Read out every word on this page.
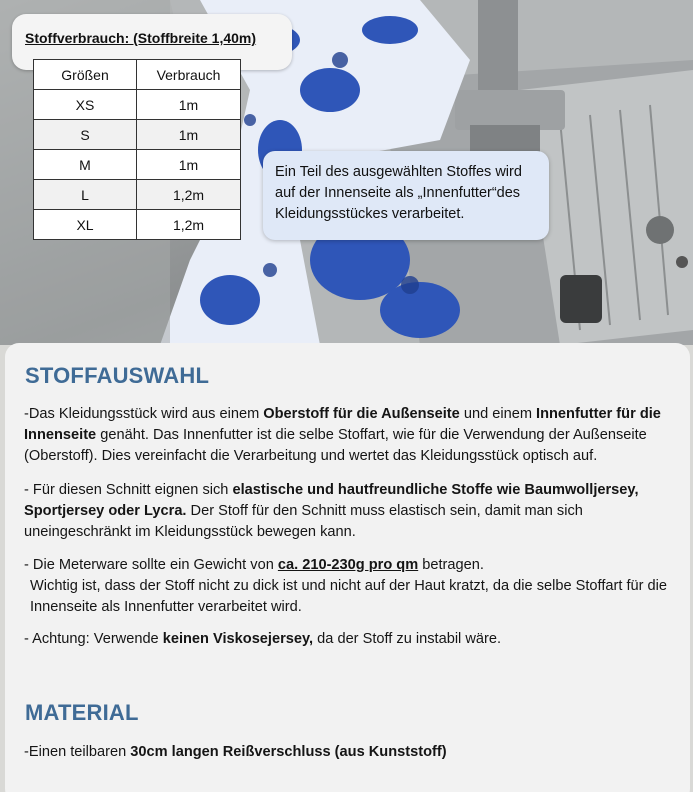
Stoffverbrauch: (Stoffbreite 1,40m)
Größen	Verbrauch
XS	1m
S	1m
M	1m
L	1,2m
XL	1,2m
Ein Teil des ausgewählten Stoffes wird auf der Innenseite als „Innenfutter“des Kleidungsstückes verarbeitet.
STOFFAUSWAHL

-Das Kleidungsstück wird aus einem Oberstoff für die Außenseite und einem Innenfutter für die Innenseite genäht. Das Innenfutter ist die selbe Stoffart, wie für die Verwendung der Außenseite (Oberstoff). Dies vereinfacht die Verarbeitung und wertet das Kleidungsstück optisch auf.

- Für diesen Schnitt eignen sich elastische und hautfreundliche Stoffe wie Baumwolljersey, Sportjersey oder Lycra. Der Stoff für den Schnitt muss elastisch sein, damit man sich uneingeschränkt im Kleidungsstück bewegen kann.

- Die Meterware sollte ein Gewicht von ca. 210-230g pro qm betragen.
Wichtig ist, dass der Stoff nicht zu dick ist und nicht auf der Haut kratzt, da die selbe Stoffart für die Innenseite als Innenfutter verarbeitet wird.

- Achtung: Verwende keinen Viskosejersey, da der Stoff zu instabil wäre.

MATERIAL

-Einen teilbaren 30cm langen Reißverschluss (aus Kunststoff)
